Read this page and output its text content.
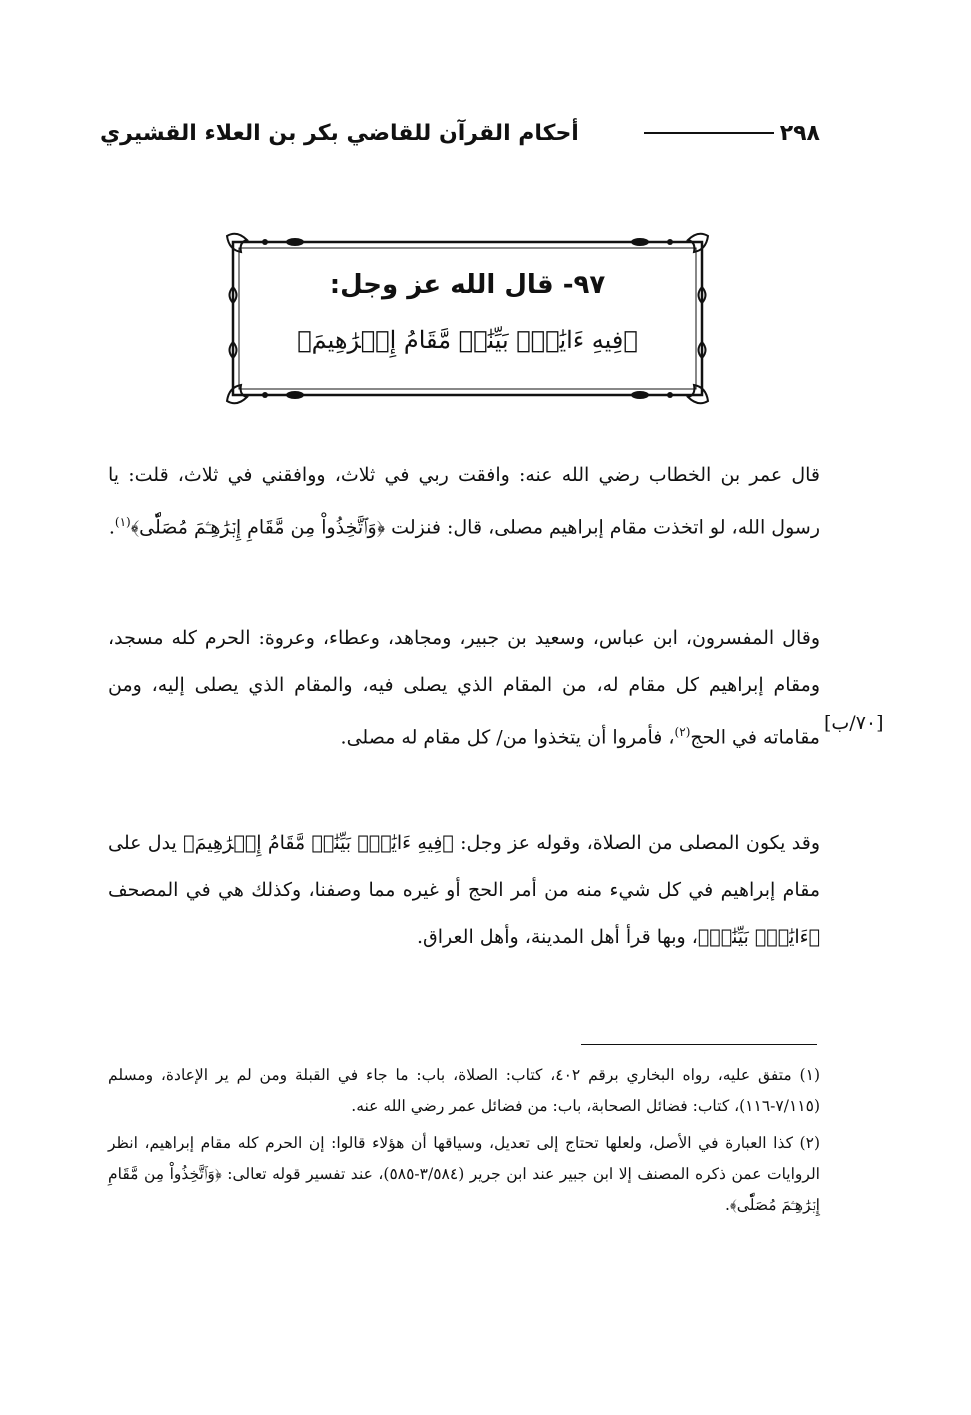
أحكام القرآن للقاضي بكر بن العلاء القشيري	٢٩٨
٩٧- قال الله عز وجل:
﴿فِيهِ ءَايَٰتُۢ بَيِّنَٰتٞ مَّقَامُ إِبۡرَٰهِيمَ﴾

قال عمر بن الخطاب رضي الله عنه: وافقت ربي في ثلاث، ووافقني في ثلاث، قلت: يا رسول الله، لو اتخذت مقام إبراهيم مصلى، قال: فنزلت ﴿وَٱتَّخِذُواْ مِن مَّقَامِ إِبۡرَٰهِـۧمَ مُصَلّٗى﴾$^{(١)}$.

وقال المفسرون، ابن عباس، وسعيد بن جبير، ومجاهد، وعطاء، وعروة: الحرم كله مسجد، ومقام إبراهيم كل مقام له، من المقام الذي يصلى فيه، والمقام الذي يصلى إليه، ومن مقاماته في الحج$^{(٢)}$، فأمروا أن يتخذوا من/ كل مقام له مصلى.

[٧٠/ب]

وقد يكون المصلى من الصلاة، وقوله عز وجل: ﴿فِيهِ ءَايَٰتُۢ بَيِّنَٰتٞ مَّقَامُ إِبۡرَٰهِيمَ﴾ يدل على مقام إبراهيم في كل شيء منه من أمر الحج أو غيره مما وصفنا، وكذلك هي في المصحف ﴿ءَايَٰتُۢ بَيِّنَٰتٞ﴾، وبها قرأ أهل المدينة، وأهل العراق.

(١) متفق عليه، رواه البخاري برقم ٤٠٢، كتاب: الصلاة، باب: ما جاء في القبلة ومن لم ير الإعادة، ومسلم (٧/١١٥-١١٦)، كتاب: فضائل الصحابة، باب: من فضائل عمر رضي الله عنه.

(٢) كذا العبارة في الأصل، ولعلها تحتاج إلى تعديل، وسياقها أن هؤلاء قالوا: إن الحرم كله مقام إبراهيم، انظر الروايات عمن ذكره المصنف إلا ابن جبير عند ابن جرير (٣/٥٨٤-٥٨٥)، عند تفسير قوله تعالى: ﴿وَٱتَّخِذُواْ مِن مَّقَامِ إِبۡرَٰهِـۧمَ مُصَلّٗى﴾.
